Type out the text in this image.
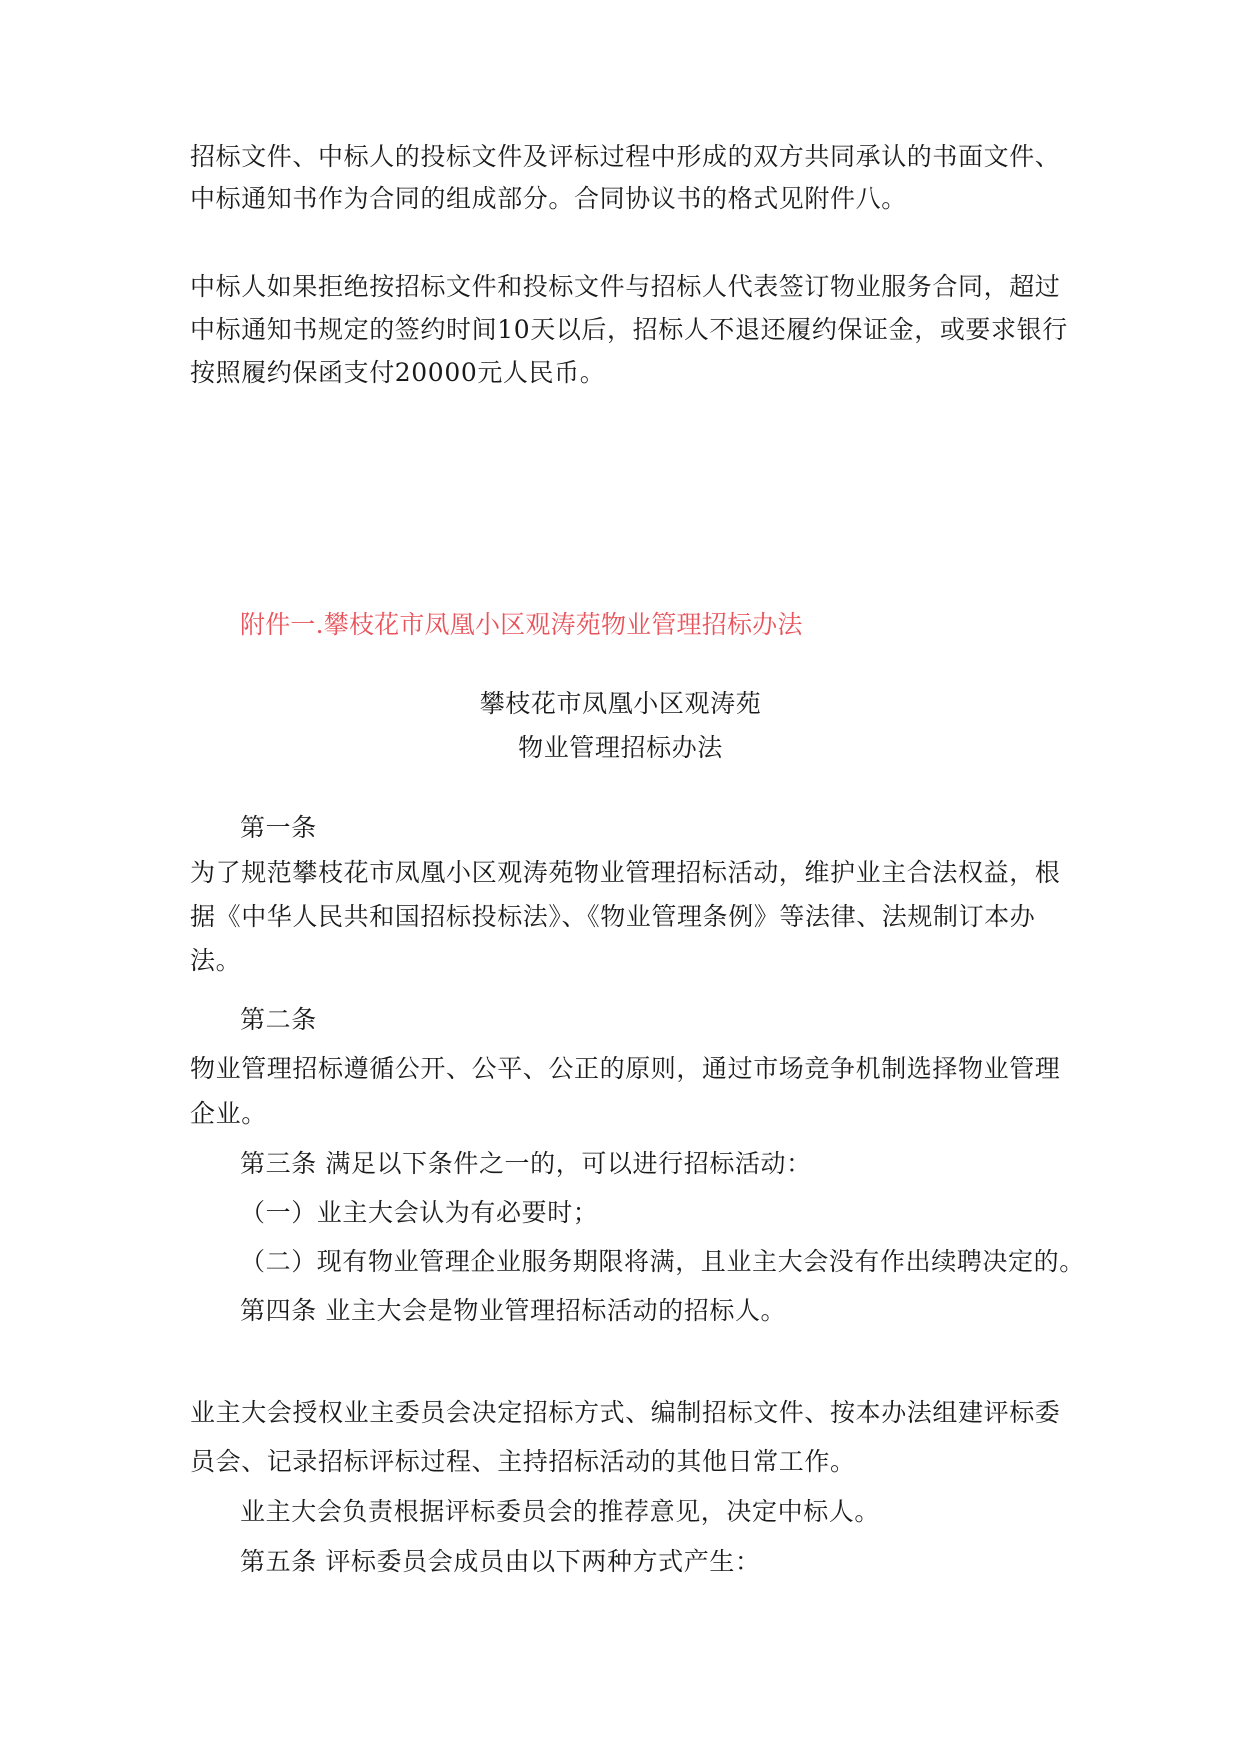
招标文件、中标人的投标文件及评标过程中形成的双方共同承认的书面文件、
中标通知书作为合同的组成部分。合同协议书的格式见附件八。
中标人如果拒绝按招标文件和投标文件与招标人代表签订物业服务合同，超过
中标通知书规定的签约时间10天以后，招标人不退还履约保证金，或要求银行
按照履约保函支付20000元人民币。
附件一.攀枝花市凤凰小区观涛苑物业管理招标办法
攀枝花市凤凰小区观涛苑
物业管理招标办法
第一条
为了规范攀枝花市凤凰小区观涛苑物业管理招标活动，维护业主合法权益，根
据《中华人民共和国招标投标法》、《物业管理条例》等法律、法规制订本办
法。
第二条
物业管理招标遵循公开、公平、公正的原则，通过市场竞争机制选择物业管理
企业。
第三条 满足以下条件之一的，可以进行招标活动：
（一）业主大会认为有必要时；
（二）现有物业管理企业服务期限将满，且业主大会没有作出续聘决定的。
第四条 业主大会是物业管理招标活动的招标人。
业主大会授权业主委员会决定招标方式、编制招标文件、按本办法组建评标委
员会、记录招标评标过程、主持招标活动的其他日常工作。
业主大会负责根据评标委员会的推荐意见，决定中标人。
第五条 评标委员会成员由以下两种方式产生：
